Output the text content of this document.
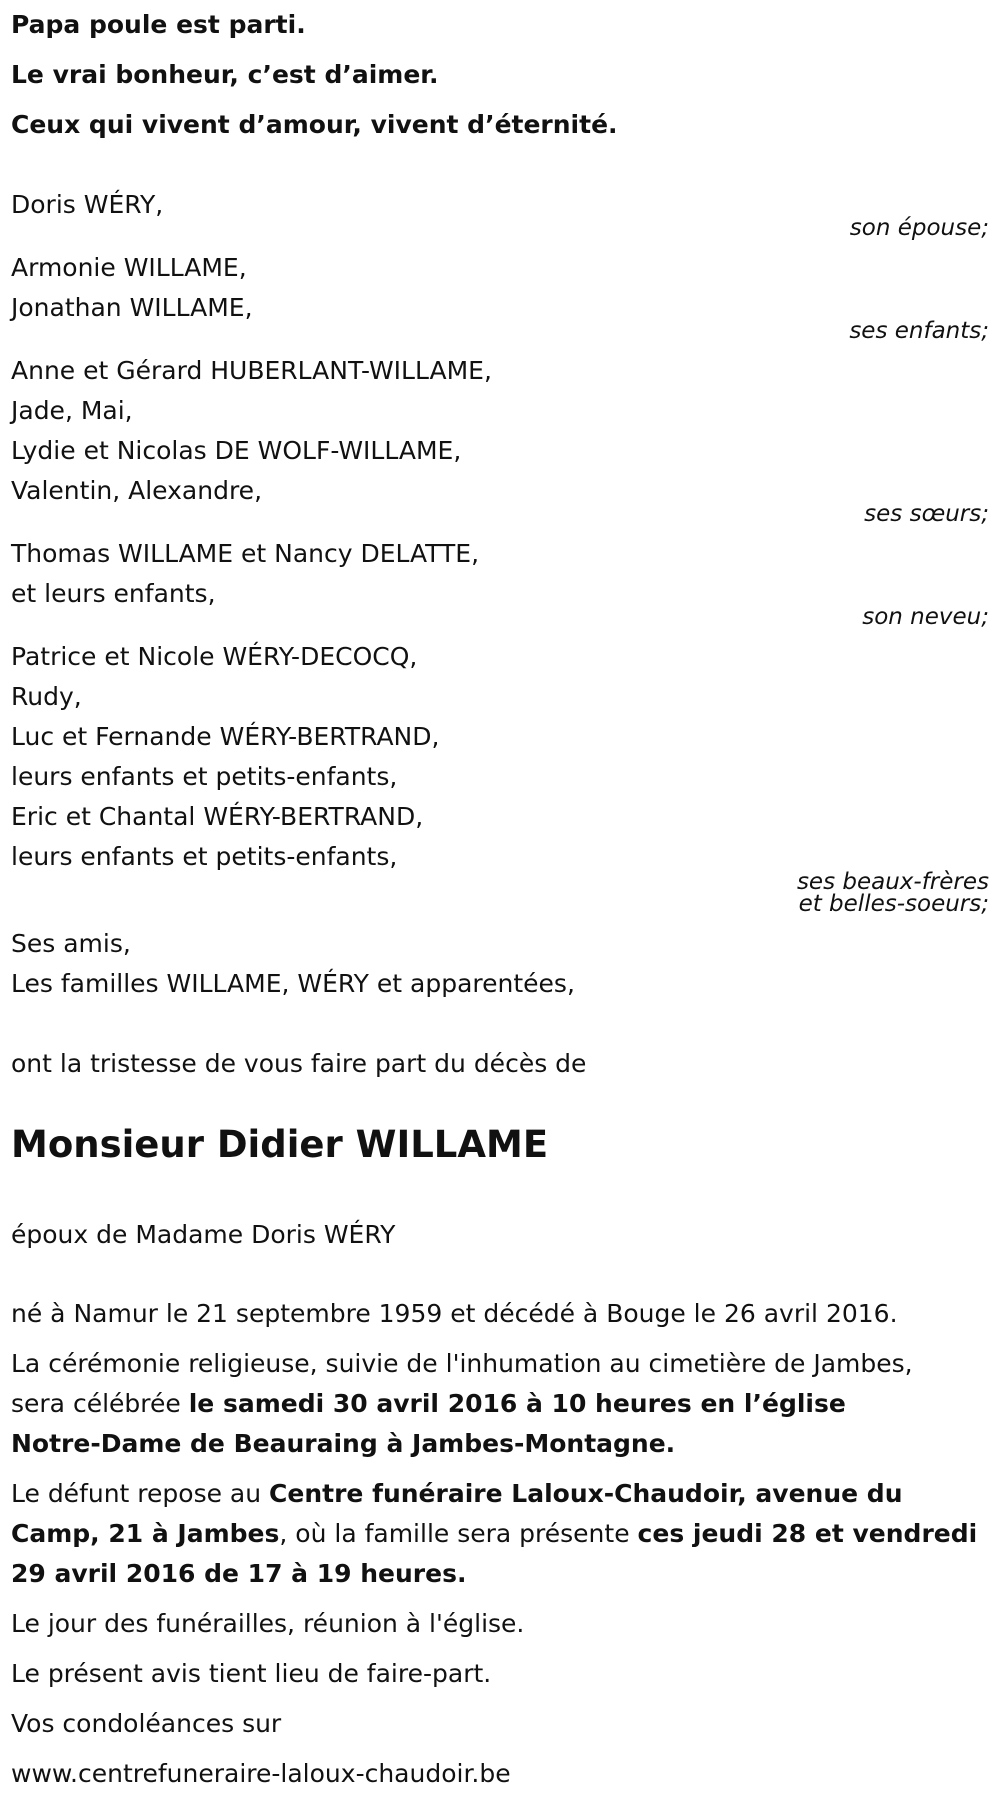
Papa poule est parti.
Le vrai bonheur, c’est d’aimer.
Ceux qui vivent d’amour, vivent d’éternité.
Doris WÉRY,
son épouse;
Armonie WILLAME,
Jonathan WILLAME,
ses enfants;
Anne et Gérard HUBERLANT-WILLAME,
Jade, Mai,
Lydie et Nicolas DE WOLF-WILLAME,
Valentin, Alexandre,
ses sœurs;
Thomas WILLAME et Nancy DELATTE,
et leurs enfants,
son neveu;
Patrice et Nicole WÉRY-DECOCQ,
Rudy,
Luc et Fernande WÉRY-BERTRAND,
leurs enfants et petits-enfants,
Eric et Chantal WÉRY-BERTRAND,
leurs enfants et petits-enfants,
ses beaux-frères
et belles-soeurs;
Ses amis,
Les familles WILLAME, WÉRY et apparentées,
ont la tristesse de vous faire part du décès de
Monsieur Didier WILLAME
époux de Madame Doris WÉRY
né à Namur le 21 septembre 1959 et décédé à Bouge le 26 avril 2016.
La cérémonie religieuse, suivie de l'inhumation au cimetière de Jambes,
sera célébrée le samedi 30 avril 2016 à 10 heures en l’église
Notre-Dame de Beauraing à Jambes-Montagne.
Le défunt repose au Centre funéraire Laloux-Chaudoir, avenue du
Camp, 21 à Jambes, où la famille sera présente ces jeudi 28 et vendredi
29 avril 2016 de 17 à 19 heures.
Le jour des funérailles, réunion à l'église.
Le présent avis tient lieu de faire-part.
Vos condoléances sur
www.centrefuneraire-laloux-chaudoir.be
